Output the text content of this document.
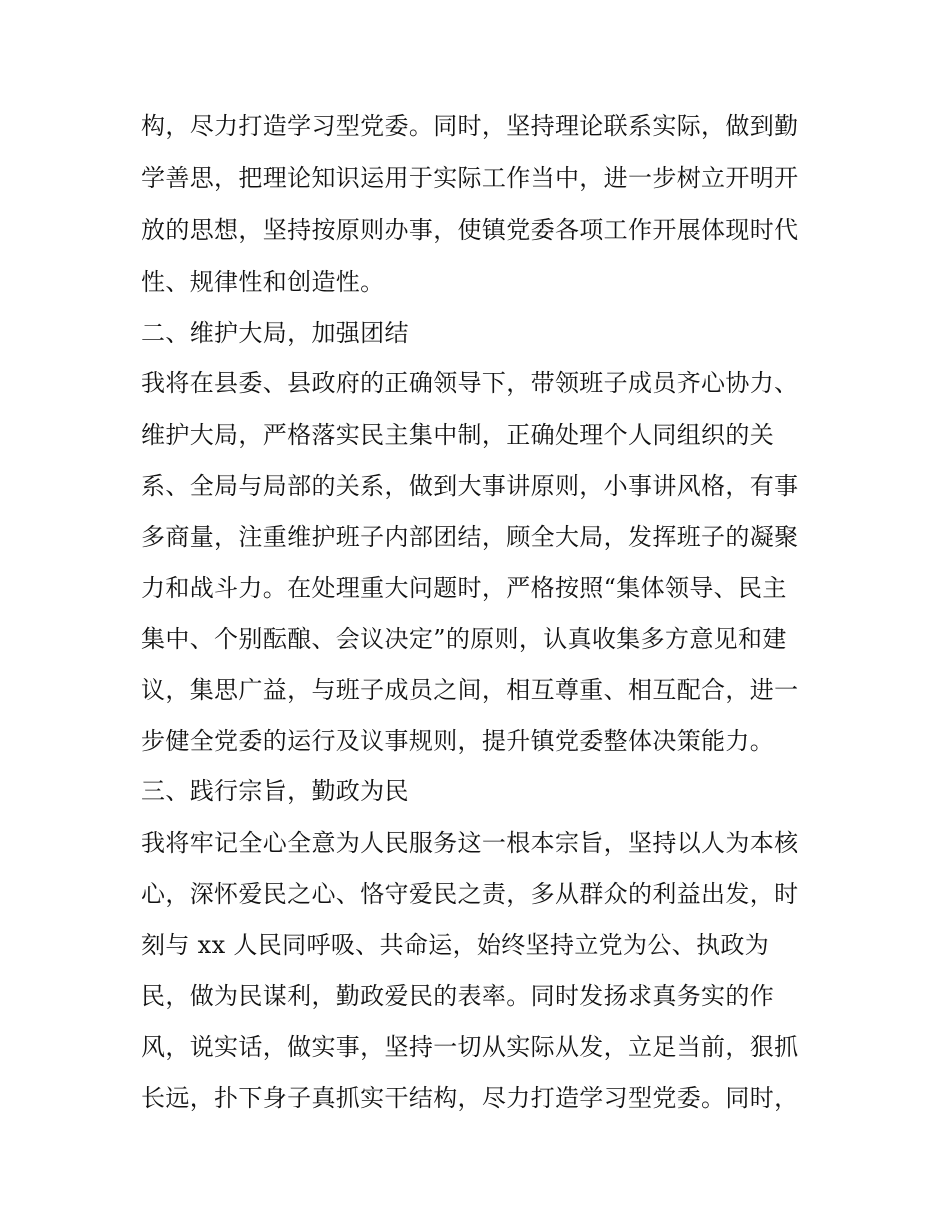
构，尽力打造学习型党委。同时，坚持理论联系实际，做到勤
学善思，把理论知识运用于实际工作当中，进一步树立开明开
放的思想，坚持按原则办事，使镇党委各项工作开展体现时代
性、规律性和创造性。
二、维护大局，加强团结
我将在县委、县政府的正确领导下，带领班子成员齐心协力、
维护大局，严格落实民主集中制，正确处理个人同组织的关
系、全局与局部的关系，做到大事讲原则，小事讲风格，有事
多商量，注重维护班子内部团结，顾全大局，发挥班子的凝聚
力和战斗力。在处理重大问题时，严格按照“集体领导、民主
集中、个别酝酿、会议决定”的原则，认真收集多方意见和建
议，集思广益，与班子成员之间，相互尊重、相互配合，进一
步健全党委的运行及议事规则，提升镇党委整体决策能力。
三、践行宗旨，勤政为民
我将牢记全心全意为人民服务这一根本宗旨，坚持以人为本核
心，深怀爱民之心、恪守爱民之责，多从群众的利益出发，时
刻与 xx 人民同呼吸、共命运，始终坚持立党为公、执政为
民，做为民谋利，勤政爱民的表率。同时发扬求真务实的作
风，说实话，做实事，坚持一切从实际从发，立足当前，狠抓
长远，扑下身子真抓实干结构，尽力打造学习型党委。同时，
